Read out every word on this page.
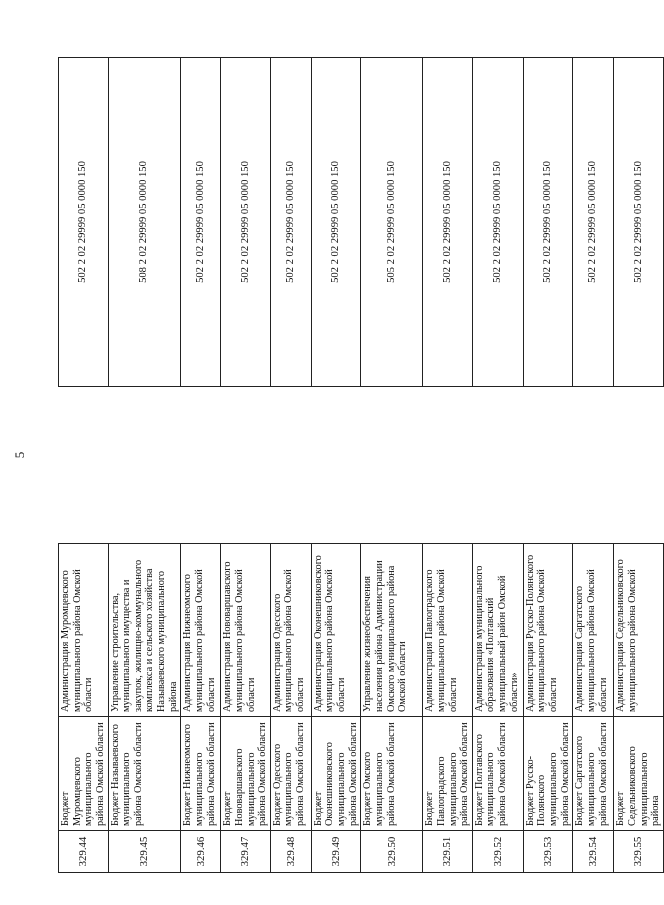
5
329.44	Бюджет Муромцевского муниципального района Омской области	Администрация Муромцевского муниципального района Омской области		502 2 02 29999 05 0000 150
329.45	Бюджет Называевского муниципального района Омской области	Управление строительства, муниципального имущества и закупок, жилищно-коммунального комплекса и сельского хозяйства Называевского муниципального района		508 2 02 29999 05 0000 150
329.46	Бюджет Нижнеомского муниципального района Омской области	Администрация Нижнеомского муниципального района Омской области		502 2 02 29999 05 0000 150
329.47	Бюджет Нововаршавского муниципального района Омской области	Администрация Нововаршавского муниципального района Омской области		502 2 02 29999 05 0000 150
329.48	Бюджет Одесского муниципального района Омской области	Администрация Одесского муниципального района Омской области		502 2 02 29999 05 0000 150
329.49	Бюджет Оконешниковского муниципального района Омской области	Администрация Оконешниковского муниципального района Омской области		502 2 02 29999 05 0000 150
329.50	Бюджет Омского муниципального района Омской области	Управление жизнеобеспечения населения района Администрации Омского муниципального района Омской области		505 2 02 29999 05 0000 150
329.51	Бюджет Павлоградского муниципального района Омской области	Администрация Павлоградского муниципального района Омской области		502 2 02 29999 05 0000 150
329.52	Бюджет Полтавского муниципального района Омской области	Администрация муниципального образования «Полтавский муниципальный район Омской области»		502 2 02 29999 05 0000 150
329.53	Бюджет Русско-Полянского муниципального района Омской области	Администрация Русско-Полянского муниципального района Омской области		502 2 02 29999 05 0000 150
329.54	Бюджет Саргатского муниципального района Омской области	Администрация Саргатского муниципального района Омской области		502 2 02 29999 05 0000 150
329.55	Бюджет Седельниковского муниципального района	Администрация Седельниковского муниципального района Омской		502 2 02 29999 05 0000 150
